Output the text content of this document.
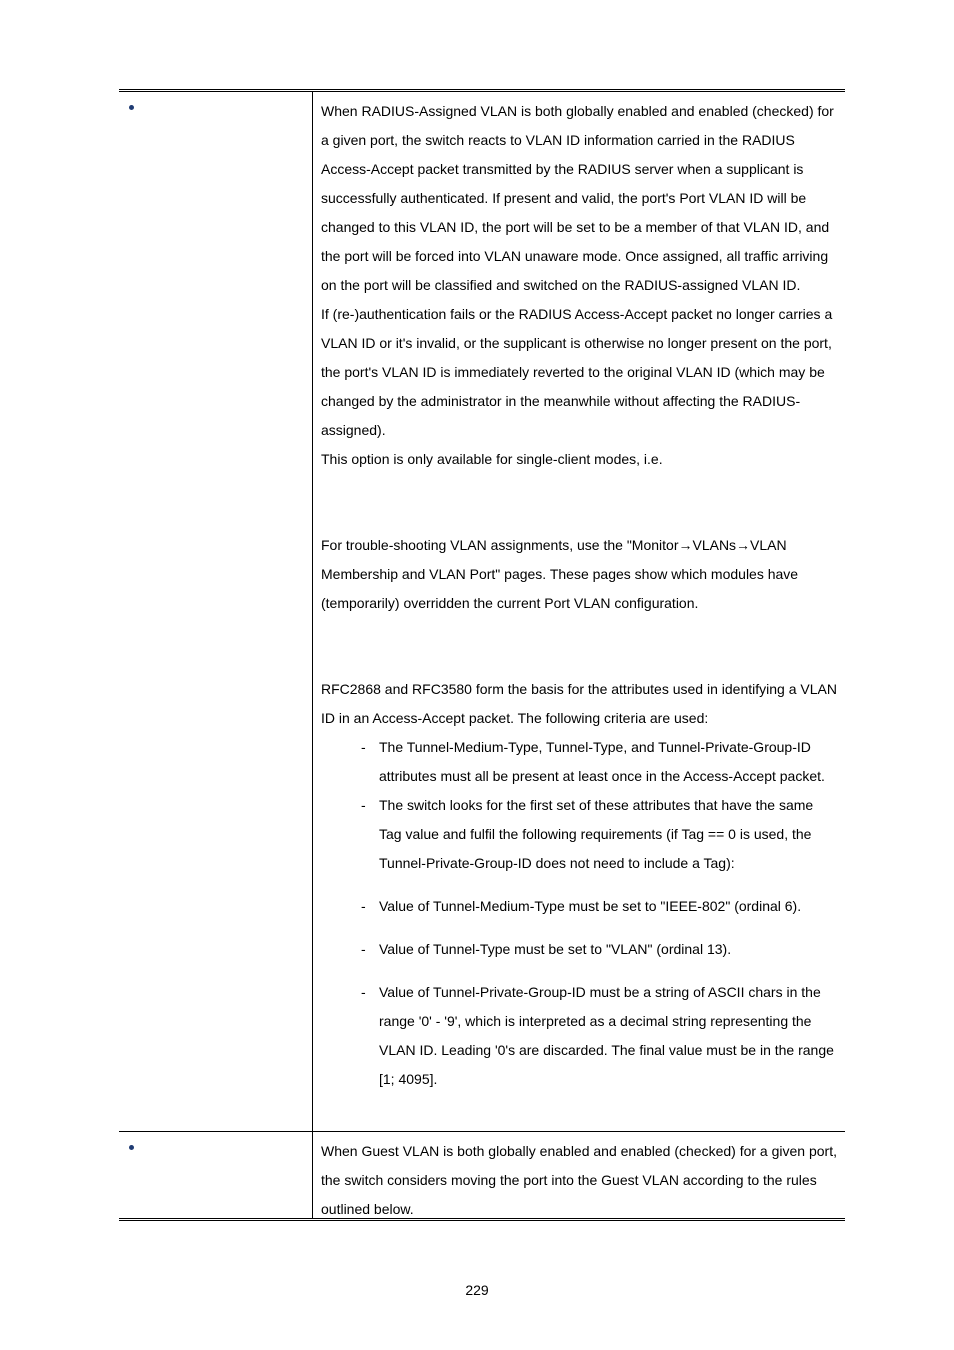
When RADIUS-Assigned VLAN is both globally enabled and enabled (checked) for a given port, the switch reacts to VLAN ID information carried in the RADIUS Access-Accept packet transmitted by the RADIUS server when a supplicant is successfully authenticated. If present and valid, the port's Port VLAN ID will be changed to this VLAN ID, the port will be set to be a member of that VLAN ID, and the port will be forced into VLAN unaware mode. Once assigned, all traffic arriving on the port will be classified and switched on the RADIUS-assigned VLAN ID.

If (re-)authentication fails or the RADIUS Access-Accept packet no longer carries a VLAN ID or it's invalid, or the supplicant is otherwise no longer present on the port, the port's VLAN ID is immediately reverted to the original VLAN ID (which may be changed by the administrator in the meanwhile without affecting the RADIUS-assigned).

This option is only available for single-client modes, i.e.

For trouble-shooting VLAN assignments, use the "Monitor→VLANs→VLAN Membership and VLAN Port" pages. These pages show which modules have (temporarily) overridden the current Port VLAN configuration.

RFC2868 and RFC3580 form the basis for the attributes used in identifying a VLAN ID in an Access-Accept packet. The following criteria are used:

- The Tunnel-Medium-Type, Tunnel-Type, and Tunnel-Private-Group-ID attributes must all be present at least once in the Access-Accept packet.
- The switch looks for the first set of these attributes that have the same Tag value and fulfil the following requirements (if Tag == 0 is used, the Tunnel-Private-Group-ID does not need to include a Tag):
- Value of Tunnel-Medium-Type must be set to "IEEE-802" (ordinal 6).
- Value of Tunnel-Type must be set to "VLAN" (ordinal 13).
- Value of Tunnel-Private-Group-ID must be a string of ASCII chars in the range '0' - '9', which is interpreted as a decimal string representing the VLAN ID. Leading '0's are discarded. The final value must be in the range [1; 4095].

When Guest VLAN is both globally enabled and enabled (checked) for a given port, the switch considers moving the port into the Guest VLAN according to the rules outlined below.

229
